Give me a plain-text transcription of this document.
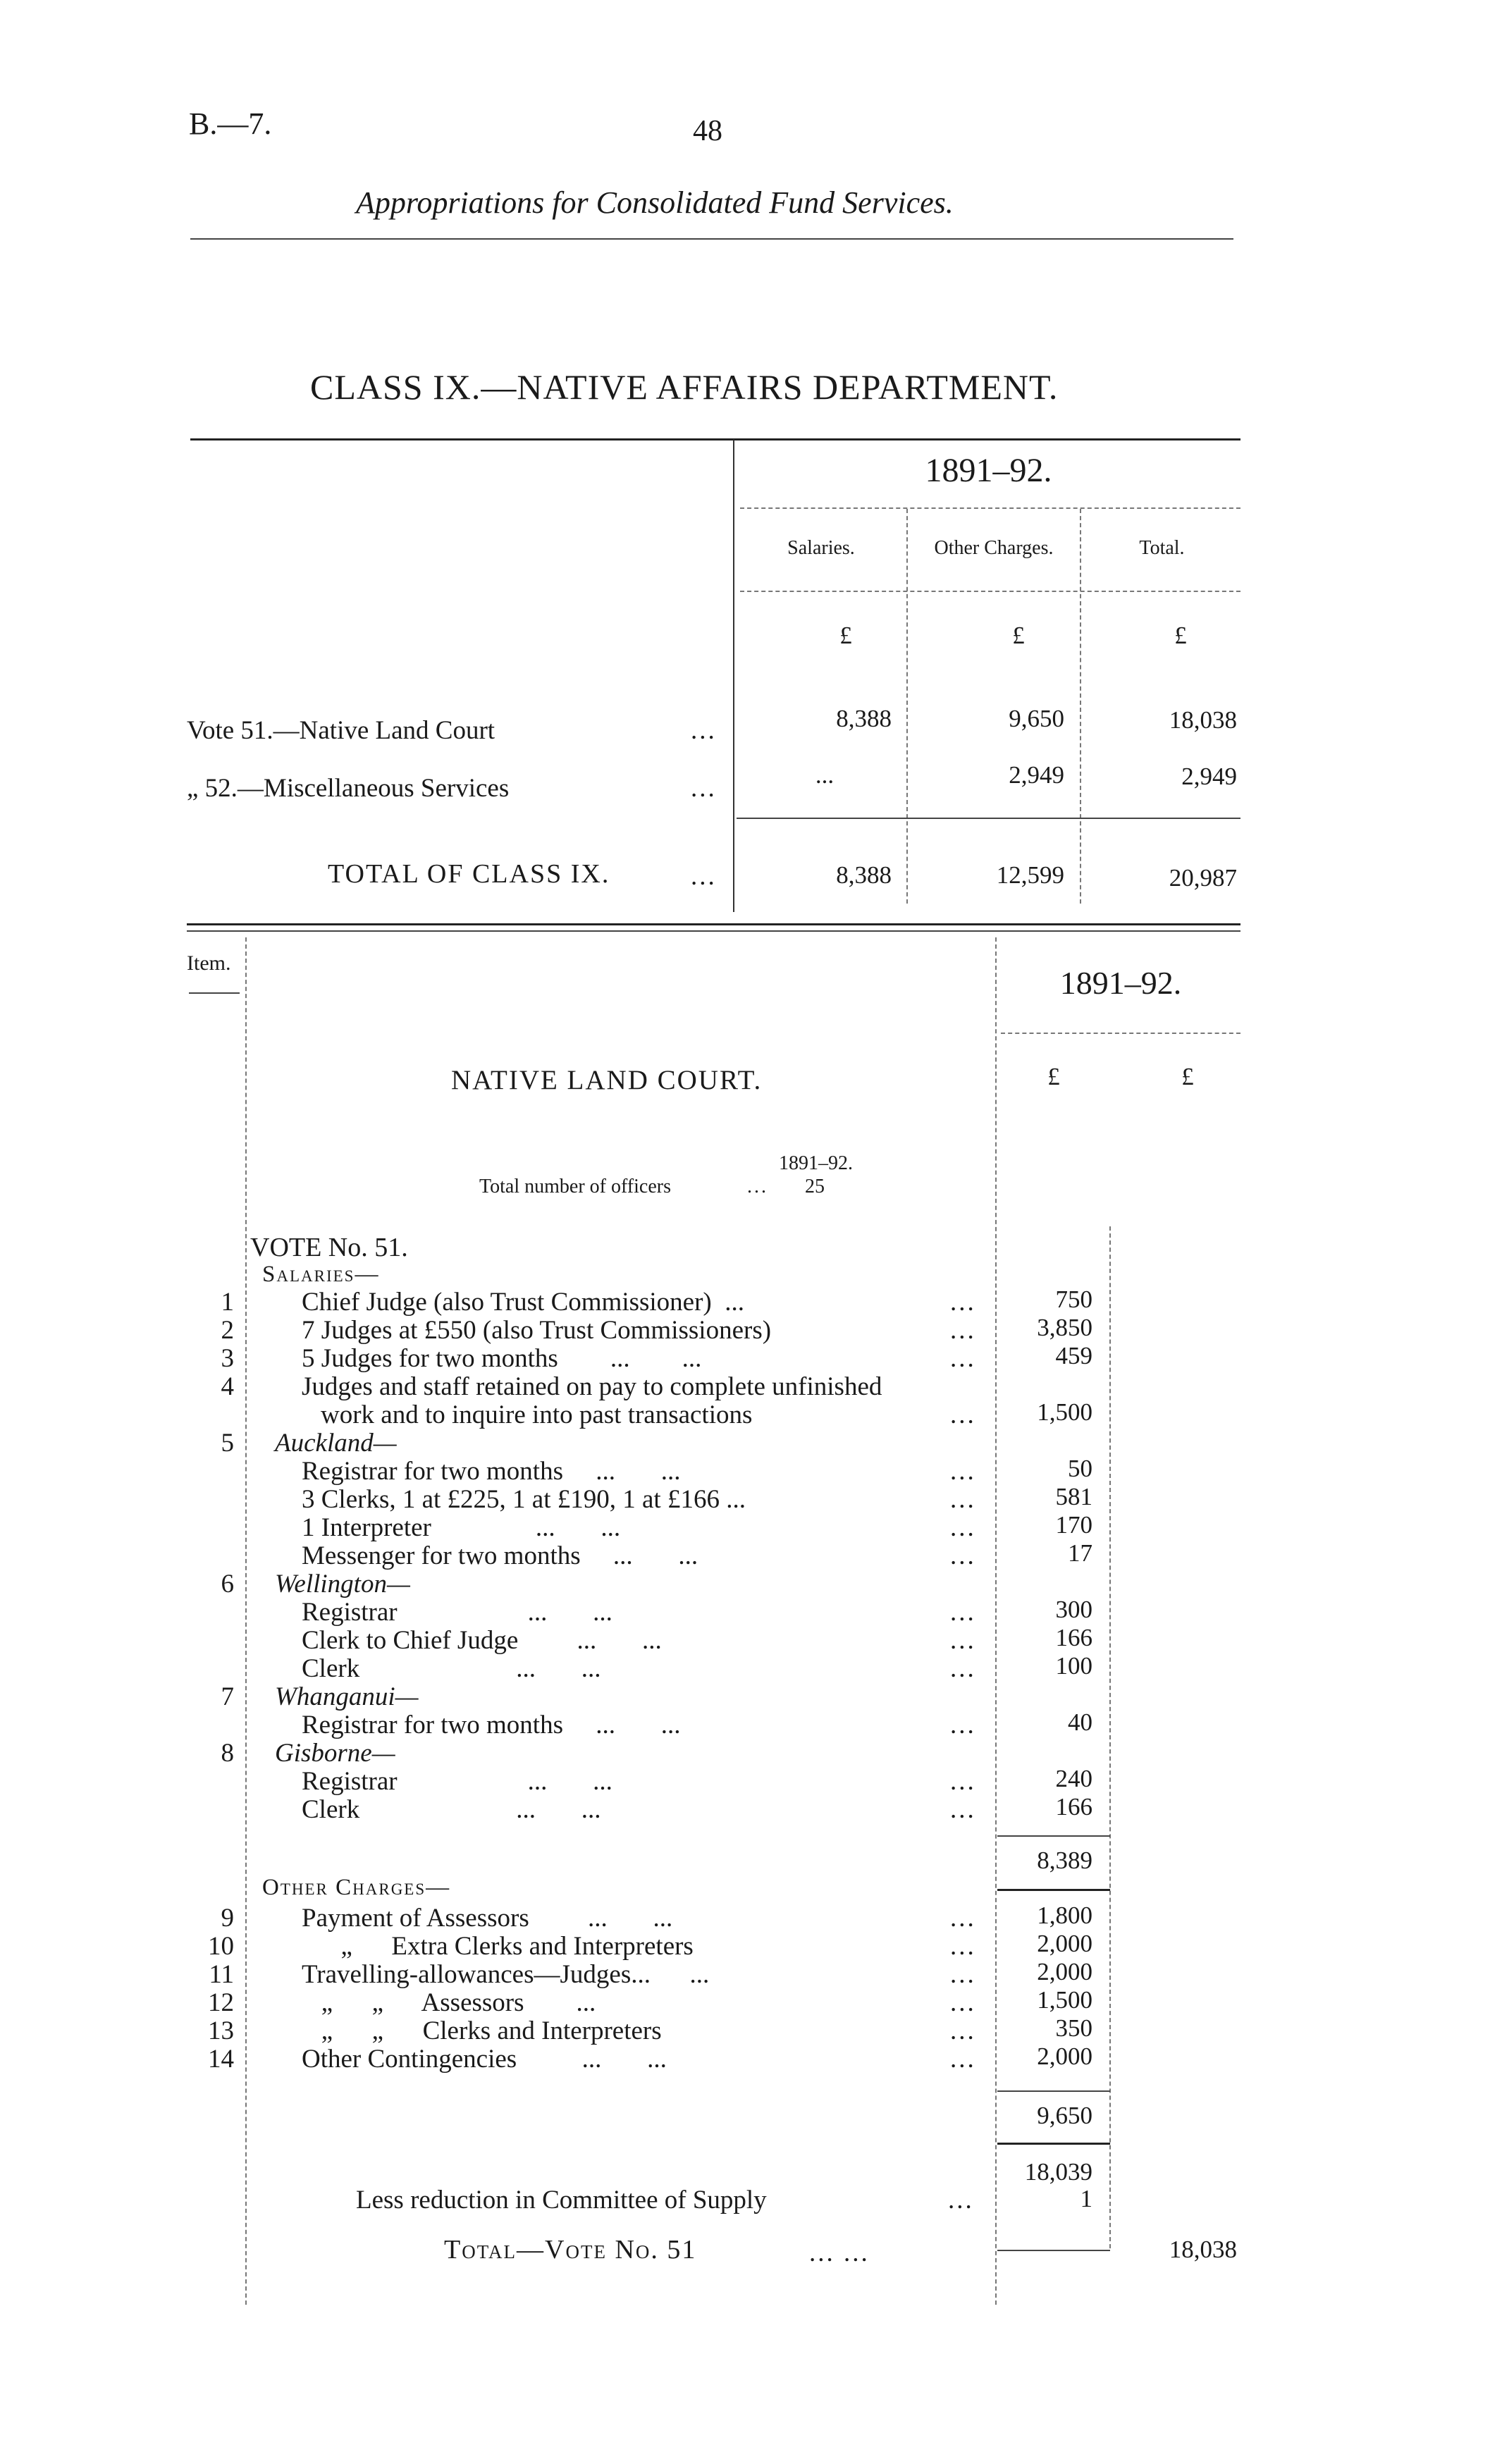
B.—7.	48
Appropriations for Consolidated Fund Services.
CLASS IX.—NATIVE AFFAIRS DEPARTMENT.
1891–92.
Salaries.	Other Charges.	Total.
£	£	£
Vote 51.—Native Land Court	...	8,388	9,650	18,038
„ 52.—Miscellaneous Services	...	...	2,949	2,949
TOTAL OF CLASS IX.	...	8,388	12,599	20,987
Item.
1891–92.
£	£
NATIVE LAND COURT.
1891–92.
Total number of officers	... 25
VOTE No. 51.
Salaries—
1	Chief Judge (also Trust Commissioner)  ...	...	750
2	7 Judges at £550 (also Trust Commissioners)	...	3,850
3	5 Judges for two months        ...        ...	...	459
4	Judges and staff retained on pay to complete unfinished
work and to inquire into past transactions	...	1,500
5 Auckland—
Registrar for two months     ...       ...	...	50
3 Clerks, 1 at £225, 1 at £190, 1 at £166 ...	...	581
1 Interpreter                ...       ...	...	170
Messenger for two months     ...       ...	...	17
6 Wellington—
Registrar                    ...       ...	...	300
Clerk to Chief Judge         ...       ...	...	166
Clerk                        ...       ...	...	100
7 Whanganui—
Registrar for two months     ...       ...	...	40
8 Gisborne—
Registrar                    ...       ...	...	240
Clerk                        ...       ...	...	166
8,389
Other Charges—
9	Payment of Assessors         ...       ...	...	1,800
10	„      Extra Clerks and Interpreters	...	2,000
11	Travelling-allowances—Judges...      ...	...	2,000
12	„      „      Assessors        ...	...	1,500
13	„      „      Clerks and Interpreters	...	350
14	Other Contingencies          ...       ...	...	2,000
9,650
18,039
Less reduction in Committee of Supply	...	1
Total—Vote No. 51	... ...	18,038
